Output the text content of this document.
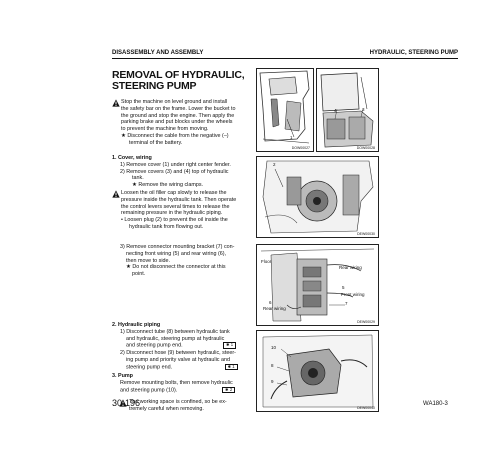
DISASSEMBLY AND ASSEMBLY	HYDRAULIC, STEERING PUMP
REMOVAL OF HYDRAULIC,
STEERING PUMP

Stop the machine on level ground and install

the safety bar on the frame. Lower the bucket to

the ground and stop the engine. Then apply the

parking brake and put blocks under the wheels

to prevent the machine from moving.

★ Disconnect the cable from the negative (–)

terminal of the battery.

1. Cover, wiring

1) Remove cover (1) under right center fender.

2) Remove covers (3) and (4) top of hydraulic

tank.

★ Remove the wiring clamps.

Loosen the oil filler cap slowly to release the

pressure inside the hydraulic tank. Then operate

the control levers several times to release the

remaining pressure in the hydraulic piping.

• Loosen plug (2) to prevent the oil inside the

hydraulic tank from flowing out.

3) Remove connector mounting bracket (7) con-

necting front wiring (5) and rear wiring (6),

then move to side.

★ Do not disconnect the connector at this

point.

2. Hydraulic piping

1) Disconnect tube (8) between hydraulic tank

and hydraulic, steering pump at hydraulic

and steering pump end.	✱ 1

2) Disconnect hose (9) between hydraulic, steer-

ing pump and priority valve at hydraulic and

steering pump end.	✱ 1

3. Pump

Remove mounting bolts, then remove hydraulic

and steering pump (10).	✱ 2

The working space is confined, so be ex-

tremely careful when removing.

1
DOW00027
4	3
DOW00028
2
DEW00030
Floor
Rear wiring
5
Front wiring
7
6
Rear wiring
DEW00029
10
8
9
DEW00040
30-196	WA180-3
